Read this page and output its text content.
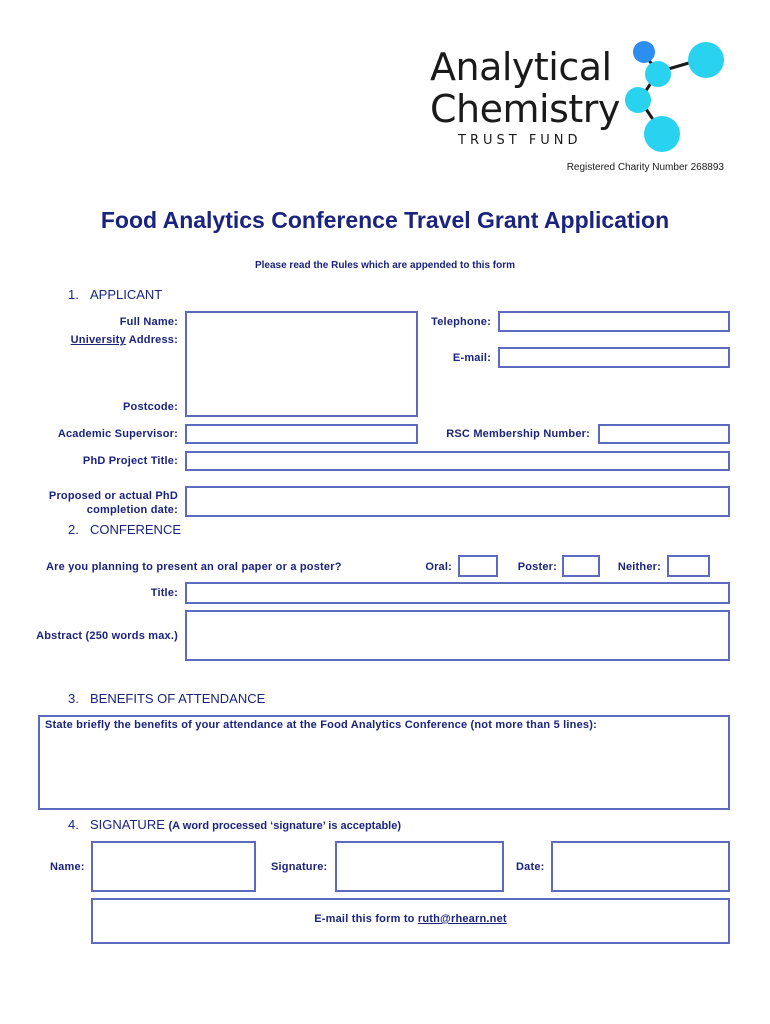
Analytical
Chemistry
TRUST FUND
Registered Charity Number 268893
Food Analytics Conference Travel Grant Application
Please read the Rules which are appended to this form
1. APPLICANT
Full Name:
University Address:
Postcode:
Telephone:
E-mail:
Academic Supervisor:	RSC Membership Number:
PhD Project Title:
Proposed or actual PhD
completion date:
2. CONFERENCE
Are you planning to present an oral paper or a poster?	Oral:	Poster:	Neither:
Title:
Abstract (250 words max.)
3. BENEFITS OF ATTENDANCE
State briefly the benefits of your attendance at the Food Analytics Conference (not more than 5 lines):
4. SIGNATURE (A word processed ‘signature’ is acceptable)
Name:	Signature:	Date:
E-mail this form to ruth@rhearn.net
